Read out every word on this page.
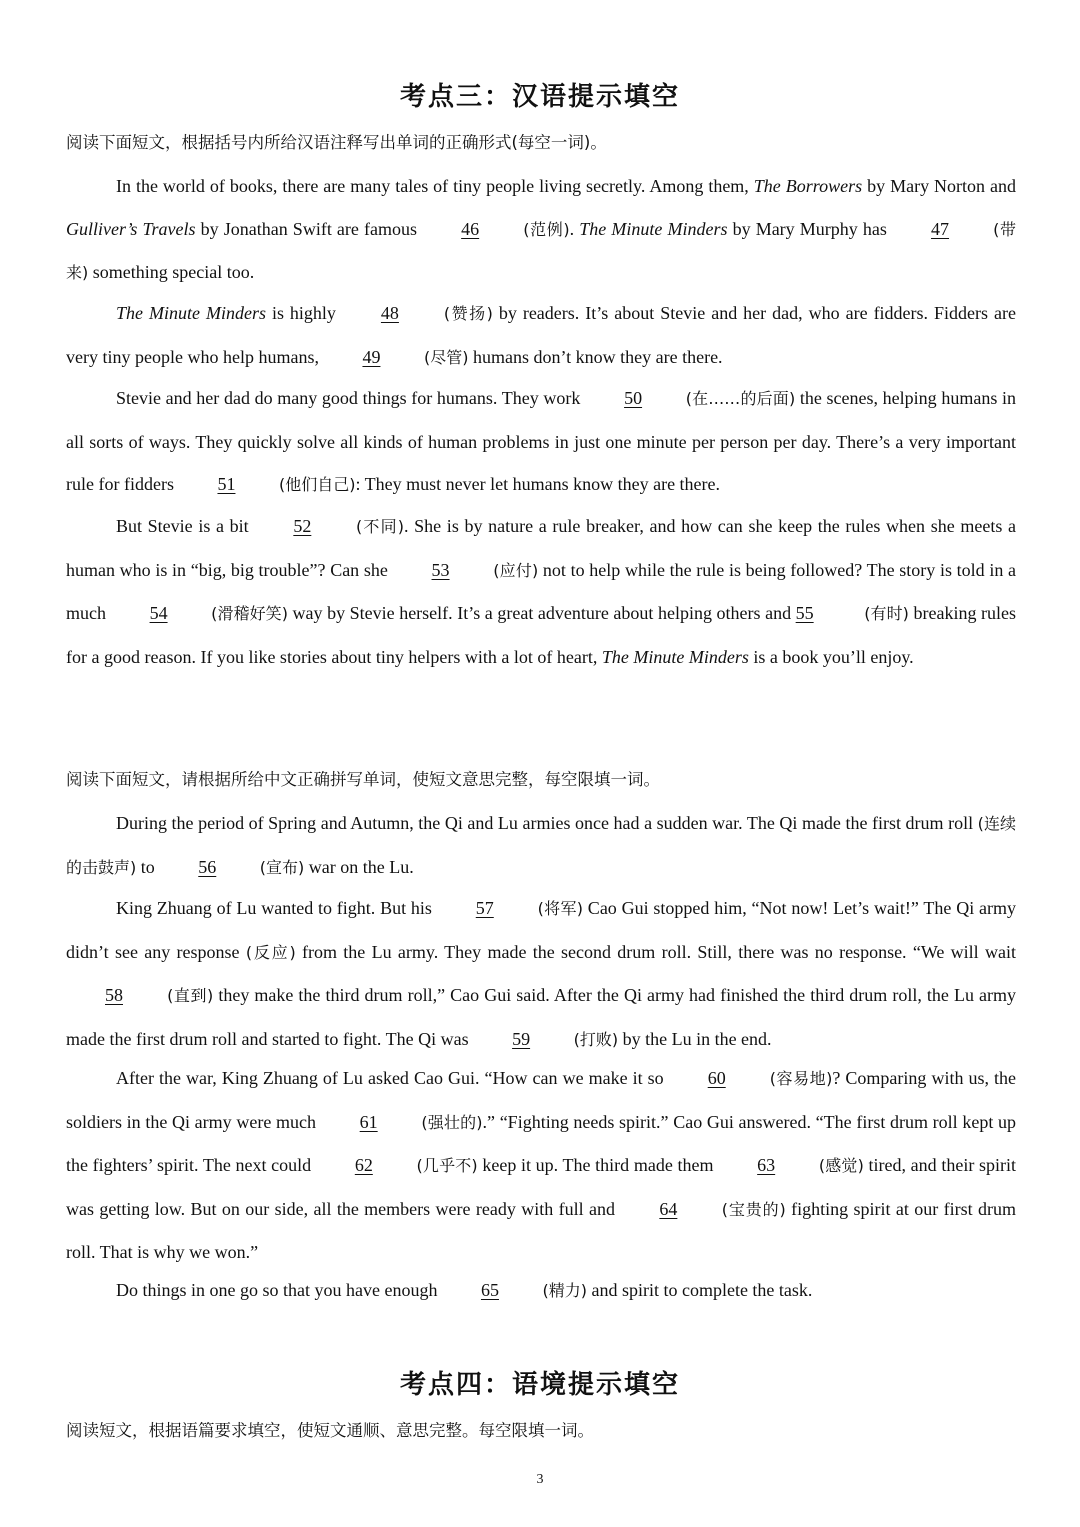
考点三：汉语提示填空
阅读下面短文，根据括号内所给汉语注释写出单词的正确形式(每空一词)。

In the world of books, there are many tales of tiny people living secretly. Among them, The Borrowers by Mary Norton and Gulliver’s Travels by Jonathan Swift are famous 46	(范例). The Minute Minders by Mary Murphy has 47	(带来) something special too.

The Minute Minders is highly 48	(赞扬) by readers. It’s about Stevie and her dad, who are fidders. Fidders are very tiny people who help humans, 49	(尽管) humans don’t know they are there.

Stevie and her dad do many good things for humans. They work 50	(在……的后面) the scenes, helping humans in all sorts of ways. They quickly solve all kinds of human problems in just one minute per person per day. There’s a very important rule for fidders 51	(他们自己): They must never let humans know they are there.

But Stevie is a bit 52	(不同). She is by nature a rule breaker, and how can she keep the rules when she meets a human who is in “big, big trouble”? Can she 53	(应付) not to help while the rule is being followed? The story is told in a much 54	(滑稽好笑) way by Stevie herself. It’s a great adventure about helping others and 55	(有时) breaking rules for a good reason. If you like stories about tiny helpers with a lot of heart, The Minute Minders is a book you’ll enjoy.

阅读下面短文，请根据所给中文正确拼写单词，使短文意思完整，每空限填一词。

During the period of Spring and Autumn, the Qi and Lu armies once had a sudden war. The Qi made the first drum roll (连续的击鼓声) to 56	(宣布) war on the Lu.

King Zhuang of Lu wanted to fight. But his 57	(将军) Cao Gui stopped him, “Not now! Let’s wait!” The Qi army didn’t see any response (反应) from the Lu army. They made the second drum roll. Still, there was no response. “We will wait 58	(直到) they make the third drum roll,” Cao Gui said. After the Qi army had finished the third drum roll, the Lu army made the first drum roll and started to fight. The Qi was 59	(打败) by the Lu in the end.

After the war, King Zhuang of Lu asked Cao Gui. “How can we make it so 60	(容易地)? Comparing with us, the soldiers in the Qi army were much 61	(强壮的).” “Fighting needs spirit.” Cao Gui answered. “The first drum roll kept up the fighters’ spirit. The next could 62	(几乎不) keep it up. The third made them 63	(感觉) tired, and their spirit was getting low. But on our side, all the members were ready with full and 64	(宝贵的) fighting spirit at our first drum roll. That is why we won.”

Do things in one go so that you have enough 65	(精力) and spirit to complete the task.

考点四：语境提示填空
阅读短文，根据语篇要求填空，使短文通顺、意思完整。每空限填一词。
3
